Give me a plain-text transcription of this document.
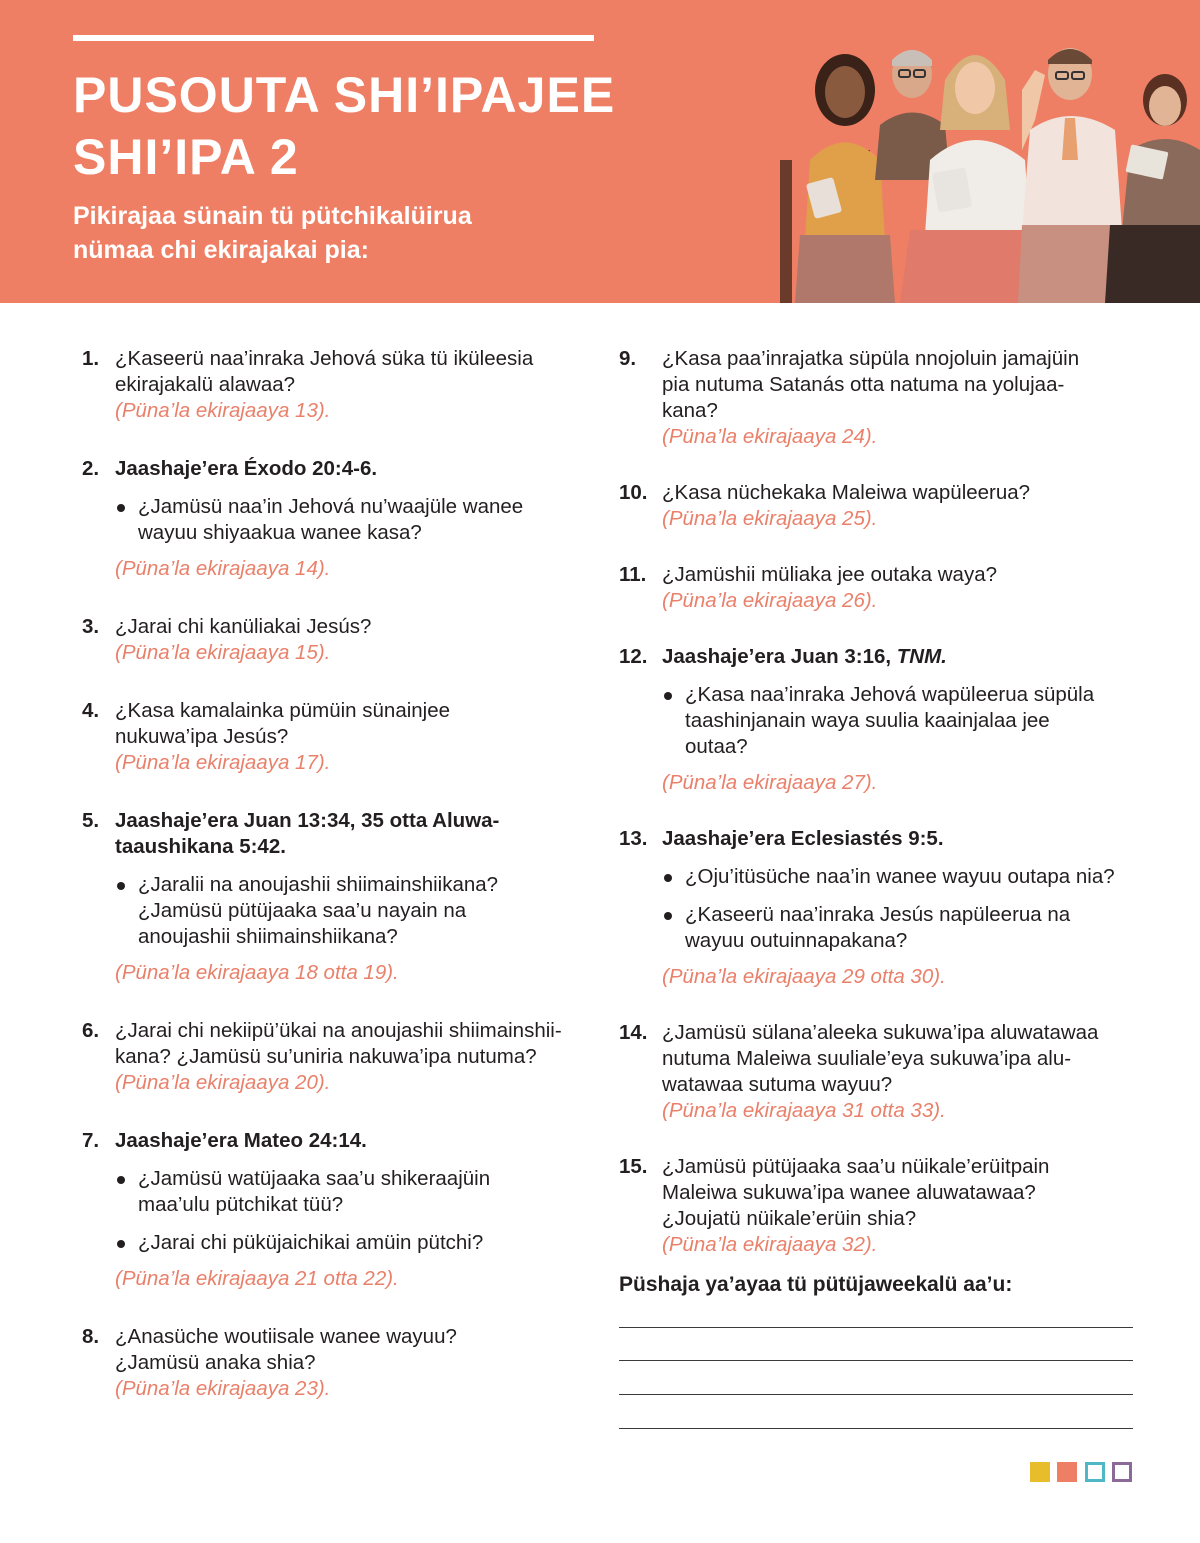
PUSOUTA SHI’IPAJEE
SHI’IPA 2

Pikirajaa sünain tü pütchikalüirua
nümaa chi ekirajakai pia:

1. ¿Kaseerü naa’inraka Jehová süka tü iküleesia
ekirajakalü alawaa?
(Püna’la ekirajaaya 13).
2. Jaashaje’era Éxodo 20:4-6.
¿Jamüsü naa’in Jehová nu’waajüle wanee
wayuu shiyaakua wanee kasa?
(Püna’la ekirajaaya 14).
3. ¿Jarai chi kanüliakai Jesús?
(Püna’la ekirajaaya 15).
4. ¿Kasa kamalainka pümüin sünainjee
nukuwa’ipa Jesús?
(Püna’la ekirajaaya 17).
5. Jaashaje’era Juan 13:34, 35 otta Aluwa-
taaushikana 5:42.
¿Jaralii na anoujashii shiimainshiikana?
¿Jamüsü pütüjaaka saa’u nayain na
anoujashii shiimainshiikana?
(Püna’la ekirajaaya 18 otta 19).
6. ¿Jarai chi nekiipü’ükai na anoujashii shiimainshii-
kana? ¿Jamüsü su’uniria nakuwa’ipa nutuma?
(Püna’la ekirajaaya 20).
7. Jaashaje’era Mateo 24:14.
¿Jamüsü watüjaaka saa’u shikeraajüin
maa’ulu pütchikat tüü?
¿Jarai chi püküjaichikai amüin pütchi?
(Püna’la ekirajaaya 21 otta 22).
8. ¿Anasüche woutiisale wanee wayuu?
¿Jamüsü anaka shia?
(Püna’la ekirajaaya 23).
9. ¿Kasa paa’inrajatka süpüla nnojoluin jamajüin
pia nutuma Satanás otta natuma na yolujaa-
kana?
(Püna’la ekirajaaya 24).
10. ¿Kasa nüchekaka Maleiwa wapüleerua?
(Püna’la ekirajaaya 25).
11. ¿Jamüshii müliaka jee outaka waya?
(Püna’la ekirajaaya 26).
12. Jaashaje’era Juan 3:16, TNM.
¿Kasa naa’inraka Jehová wapüleerua süpüla
taashinjanain waya suulia kaainjalaa jee
outaa?
(Püna’la ekirajaaya 27).
13. Jaashaje’era Eclesiastés 9:5.
¿Oju’itüsüche naa’in wanee wayuu outapa nia?
¿Kaseerü naa’inraka Jesús napüleerua na
wayuu outuinnapakana?
(Püna’la ekirajaaya 29 otta 30).
14. ¿Jamüsü sülana’aleeka sukuwa’ipa aluwatawaa
nutuma Maleiwa suuliale’eya sukuwa’ipa alu-
watawaa sutuma wayuu?
(Püna’la ekirajaaya 31 otta 33).
15. ¿Jamüsü pütüjaaka saa’u nüikale’erüitpain
Maleiwa sukuwa’ipa wanee aluwatawaa?
¿Joujatü nüikale’erüin shia?
(Püna’la ekirajaaya 32).
Püshaja ya’ayaa tü pütüjaweekalü aa’u:
